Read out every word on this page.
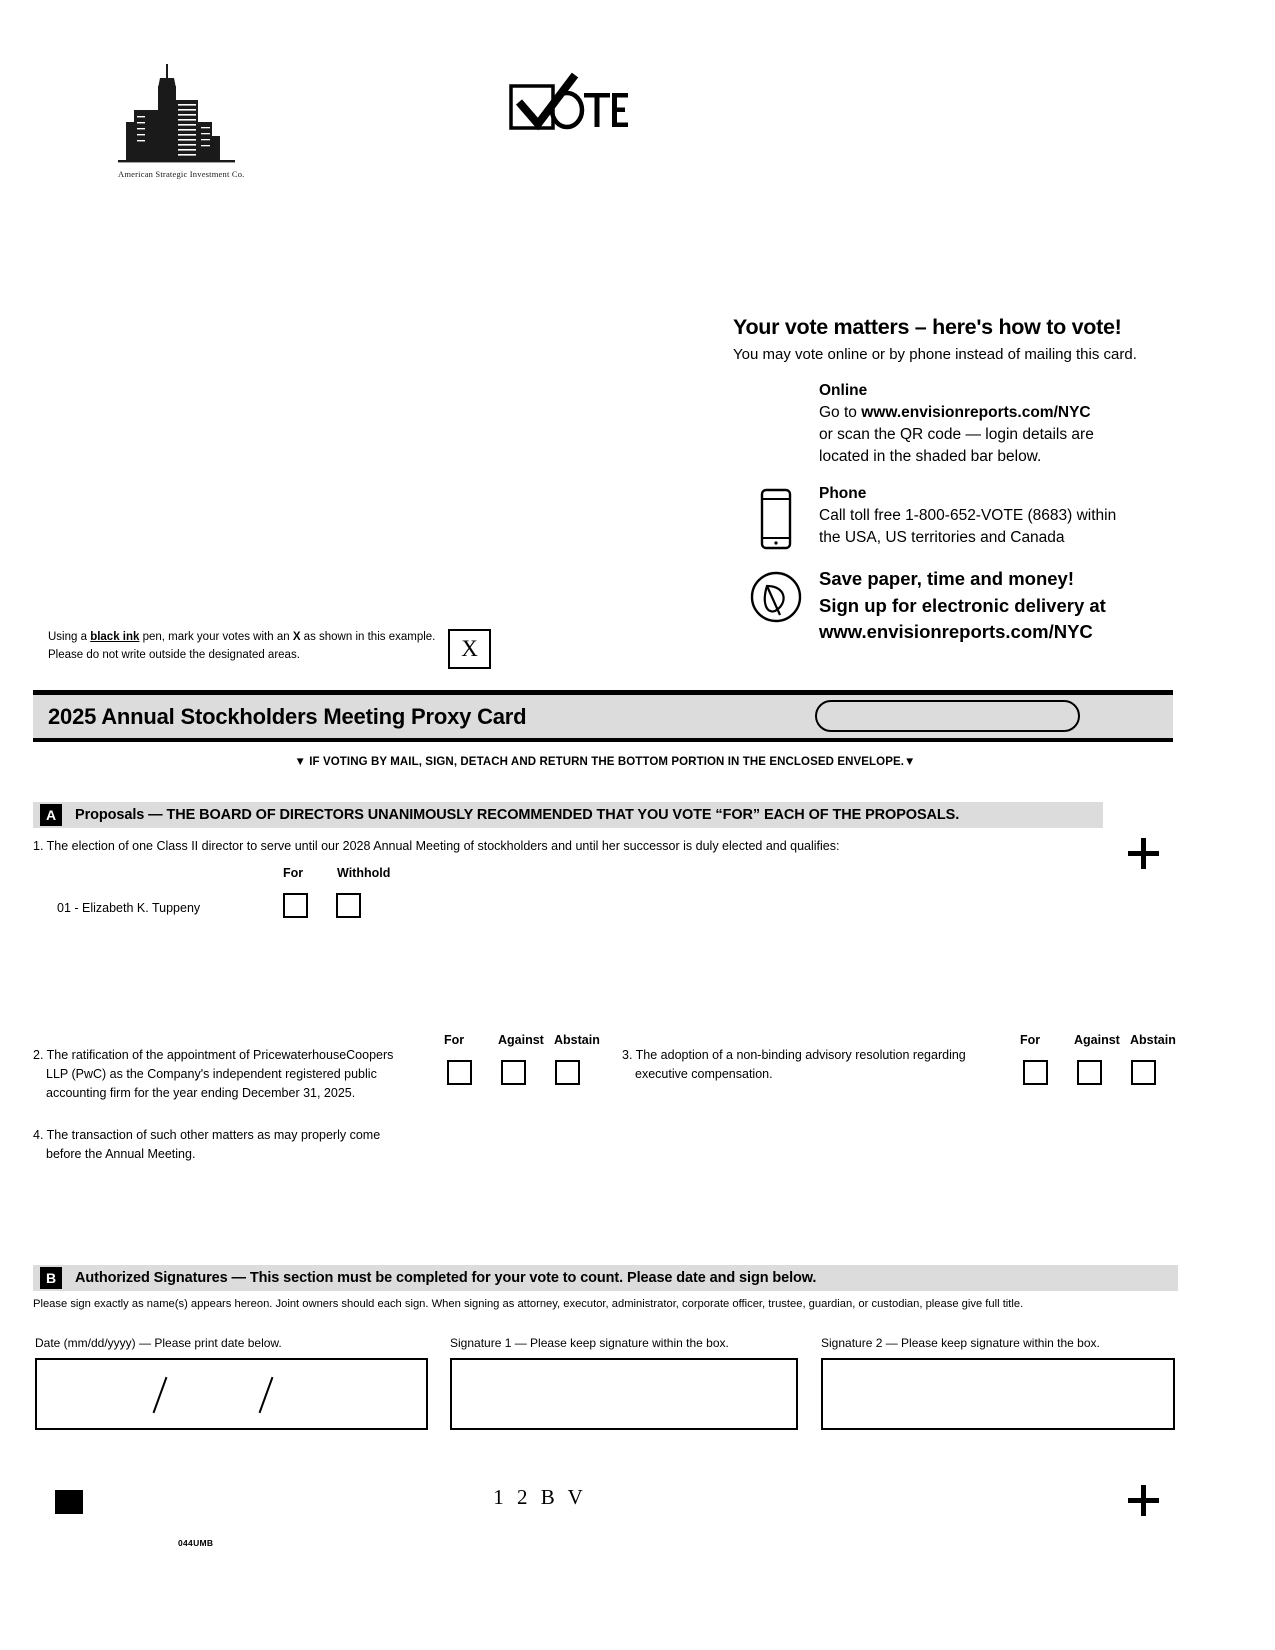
American Strategic Investment Co.
Your vote matters – here's how to vote!
You may vote online or by phone instead of mailing this card.
Online
Go to www.envisionreports.com/NYC
or scan the QR code — login details are
located in the shaded bar below.
Phone
Call toll free 1-800-652-VOTE (8683) within
the USA, US territories and Canada
Save paper, time and money!
Sign up for electronic delivery at
www.envisionreports.com/NYC
Using a black ink pen, mark your votes with an X as shown in this example.
Please do not write outside the designated areas.	X
2025 Annual Stockholders Meeting Proxy Card
▼ IF VOTING BY MAIL, SIGN, DETACH AND RETURN THE BOTTOM PORTION IN THE ENCLOSED ENVELOPE.▼
A	Proposals — THE BOARD OF DIRECTORS UNANIMOUSLY RECOMMENDED THAT YOU VOTE “FOR” EACH OF THE PROPOSALS.
1. The election of one Class II director to serve until our 2028 Annual Meeting of stockholders and until her successor is duly elected and qualifies:
For	Withhold
01 - Elizabeth K. Tuppeny
2. The ratification of the appointment of PricewaterhouseCoopers
LLP (PwC) as the Company's independent registered public
accounting firm for the year ending December 31, 2025.
For	Against Abstain
3. The adoption of a non-binding advisory resolution regarding
executive compensation.
For	Against Abstain
4. The transaction of such other matters as may properly come
before the Annual Meeting.
B	Authorized Signatures — This section must be completed for your vote to count. Please date and sign below.
Please sign exactly as name(s) appears hereon. Joint owners should each sign. When signing as attorney, executor, administrator, corporate officer, trustee, guardian, or custodian, please give full title.
Date (mm/dd/yyyy) — Please print date below.	Signature 1 — Please keep signature within the box.	Signature 2 — Please keep signature within the box.
1 2 B V
044UMB
